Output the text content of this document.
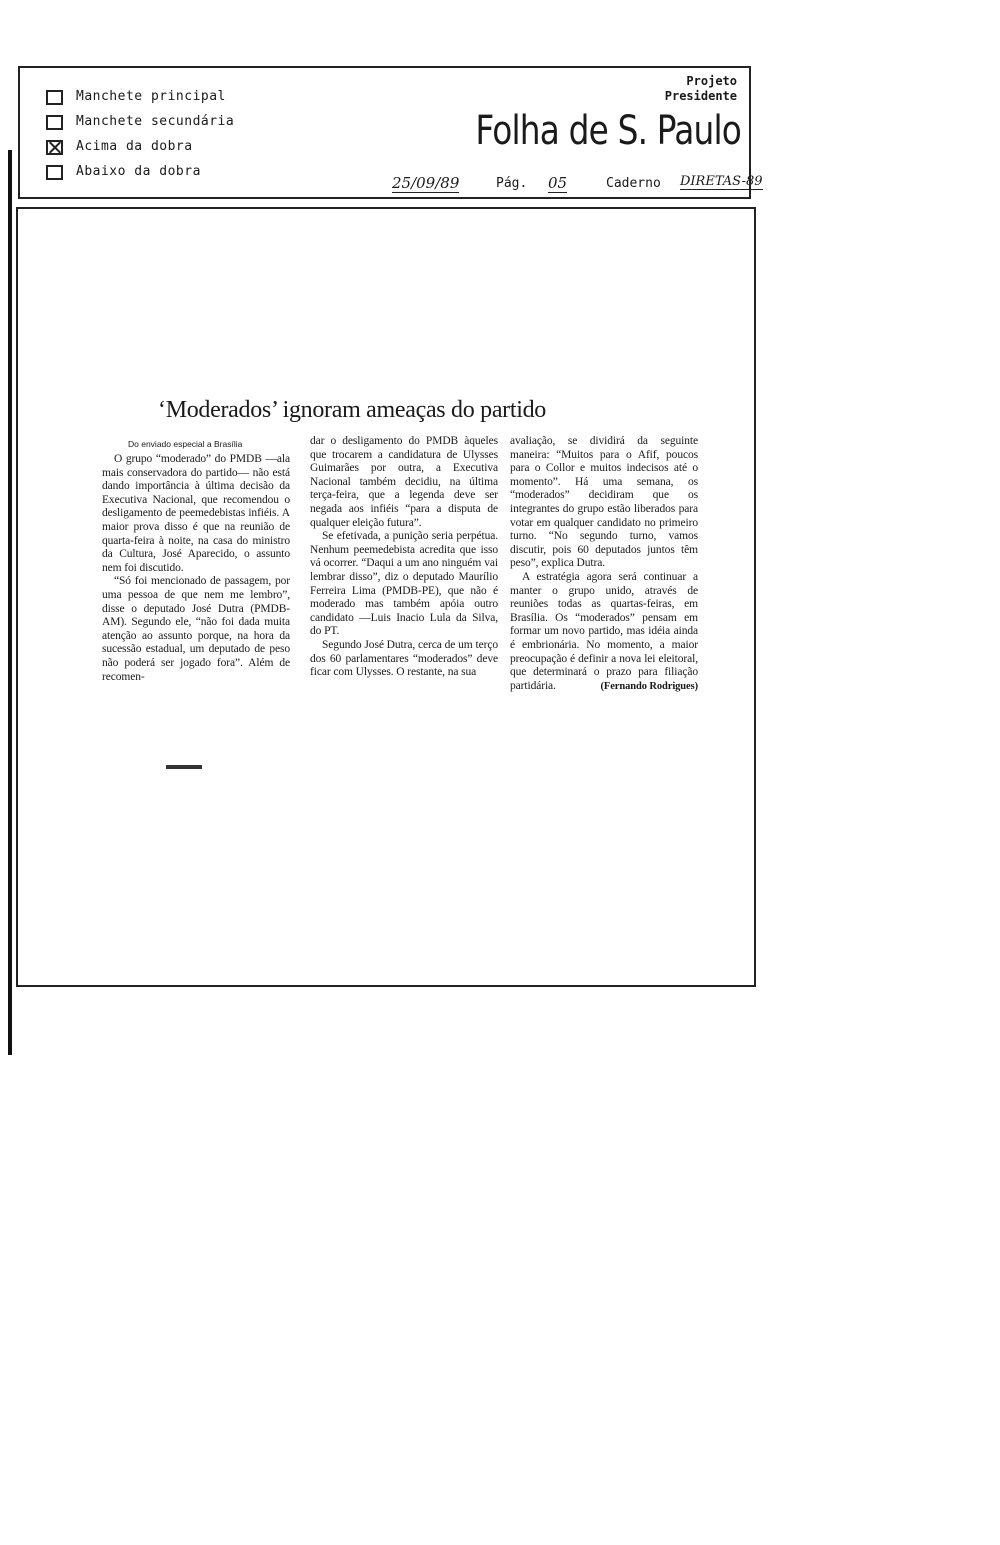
Manchete principal
Manchete secundária
Acima da dobra
Abaixo da dobra
Projeto
Presidente
Folha de S. Paulo
25/09/89	Pág. 05	Caderno DIRETAS-89
‘Moderados’ ignoram ameaças do partido
Do enviado especial a Brasília

O grupo “moderado” do PMDB —ala mais conservadora do partido— não está dando importância à última decisão da Executiva Nacional, que recomendou o desligamento de peemedebistas infiéis. A maior prova disso é que na reunião de quarta-feira à noite, na casa do ministro da Cultura, José Aparecido, o assunto nem foi discutido.

“Só foi mencionado de passagem, por uma pessoa de que nem me lembro”, disse o deputado José Dutra (PMDB-AM). Segundo ele, “não foi dada muita atenção ao assunto porque, na hora da sucessão estadual, um deputado de peso não poderá ser jogado fora”. Além de recomen-

dar o desligamento do PMDB àqueles que trocarem a candidatura de Ulysses Guimarães por outra, a Executiva Nacional também decidiu, na última terça-feira, que a legenda deve ser negada aos infiéis “para a disputa de qualquer eleição futura”.

Se efetivada, a punição seria perpétua. Nenhum peemedebista acredita que isso vá ocorrer. “Daqui a um ano ninguém vai lembrar disso”, diz o deputado Maurílio Ferreira Lima (PMDB-PE), que não é moderado mas também apóia outro candidato —Luis Inacio Lula da Silva, do PT.

Segundo José Dutra, cerca de um terço dos 60 parlamentares “moderados” deve ficar com Ulysses. O restante, na sua

avaliação, se dividirá da seguinte maneira: “Muitos para o Afif, poucos para o Collor e muitos indecisos até o momento”. Há uma semana, os “moderados” decidiram que os integrantes do grupo estão liberados para votar em qualquer candidato no primeiro turno. “No segundo turno, vamos discutir, pois 60 deputados juntos têm peso”, explica Dutra.

A estratégia agora será continuar a manter o grupo unido, através de reuniões todas as quartas-feiras, em Brasília. Os “moderados” pensam em formar um novo partido, mas idéia ainda é embrionária. No momento, a maior preocupação é definir a nova lei eleitoral, que determinará o prazo para filiação partidária.	(Fernando Rodrigues)
